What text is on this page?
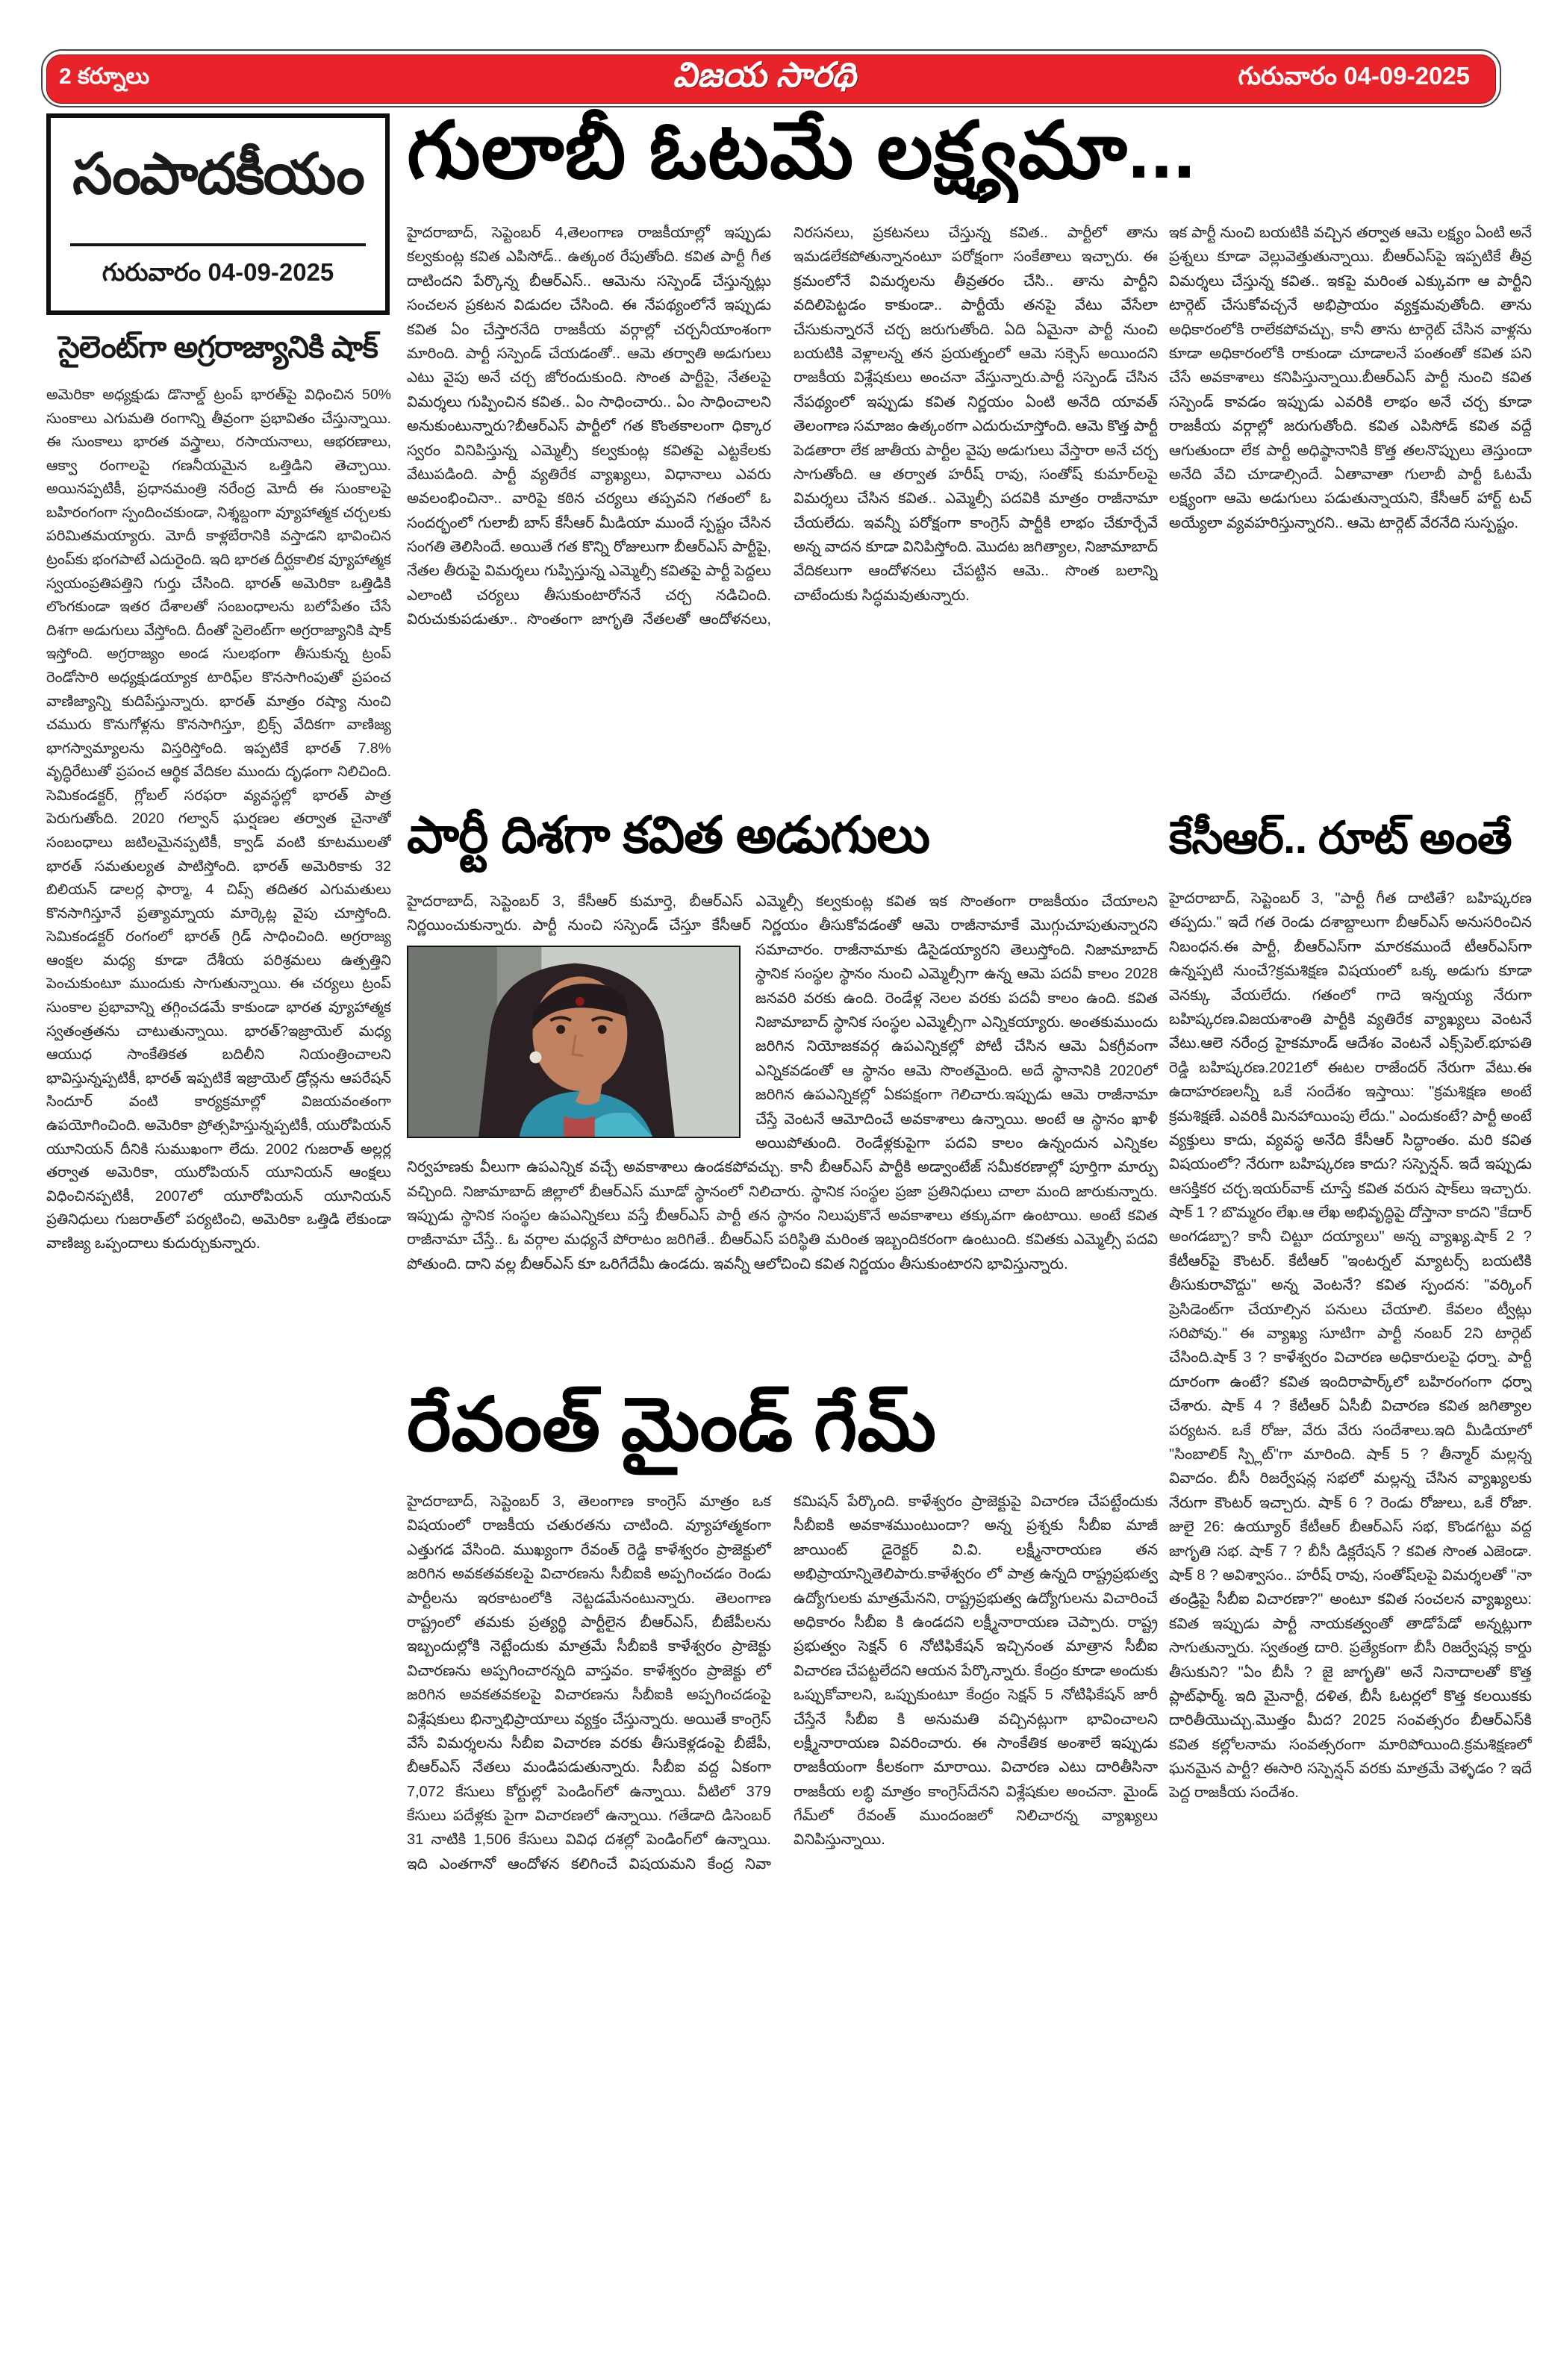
2 కర్నూలు	విజయ సారథి	గురువారం 04-09-2025
సంపాదకీయం
గురువారం 04-09-2025
సైలెంట్‌గా అగ్రరాజ్యానికి షాక్
అమెరికా అధ్యక్షుడు డొనాల్డ్ ట్రంప్ భారత్‌పై విధించిన 50% సుంకాలు ఎగుమతి రంగాన్ని తీవ్రంగా ప్రభావితం చేస్తున్నాయి. ఈ సుంకాలు భారత వస్త్రాలు, రసాయనాలు, ఆభరణాలు, ఆక్వా రంగాలపై గణనీయమైన ఒత్తిడిని తెచ్చాయి. అయినప్పటికీ, ప్రధానమంత్రి నరేంద్ర మోదీ ఈ సుంకాలపై బహిరంగంగా స్పందించకుండా, నిశ్శబ్దంగా వ్యూహాత్మక చర్చలకు పరిమితమయ్యారు. మోదీ కాళ్లబేరానికి వస్తాడని భావించిన ట్రంప్‌కు భంగపాటే ఎదురైంది. ఇది భారత దీర్ఘకాలిక వ్యూహాత్మక స్వయంప్రతిపత్తిని గుర్తు చేసింది. భారత్ అమెరికా ఒత్తిడికి లొంగకుండా ఇతర దేశాలతో సంబంధాలను బలోపేతం చేసే దిశగా అడుగులు వేస్తోంది. దీంతో సైలెంట్‌గా అగ్రరాజ్యానికి షాక్ ఇస్తోంది. అగ్రరాజ్యం అండ సులభంగా తీసుకున్న ట్రంప్ రెండోసారి అధ్యక్షుడయ్యాక టారిఫ్‌ల కొనసాగింపుతో ప్రపంచ వాణిజ్యాన్ని కుదిపేస్తున్నారు. భారత్ మాత్రం రష్యా నుంచి చమురు కొనుగోళ్లను కొనసాగిస్తూ, బ్రిక్స్ వేదికగా వాణిజ్య భాగస్వామ్యాలను విస్తరిస్తోంది. ఇప్పటికే భారత్ 7.8% వృద్ధిరేటుతో ప్రపంచ ఆర్థిక వేదికల ముందు దృఢంగా నిలిచింది. సెమికండక్టర్, గ్లోబల్ సరఫరా వ్యవస్థల్లో భారత్ పాత్ర పెరుగుతోంది. 2020 గల్వాన్ ఘర్షణల తర్వాత చైనాతో సంబంధాలు జటిలమైనప్పటికీ, క్వాడ్ వంటి కూటములతో భారత్ సమతుల్యత పాటిస్తోంది. భారత్ అమెరికాకు 32 బిలియన్ డాలర్ల ఫార్మా, 4 చిప్స్ తదితర ఎగుమతులు కొనసాగిస్తూనే ప్రత్యామ్నాయ మార్కెట్ల వైపు చూస్తోంది. సెమికండక్టర్ రంగంలో భారత్ గ్రిడ్ సాధించింది. అగ్రరాజ్య ఆంక్షల మధ్య కూడా దేశీయ పరిశ్రమలు ఉత్పత్తిని పెంచుకుంటూ ముందుకు సాగుతున్నాయి. ఈ చర్యలు ట్రంప్ సుంకాల ప్రభావాన్ని తగ్గించడమే కాకుండా భారత వ్యూహాత్మక స్వతంత్రతను చాటుతున్నాయి. భారత్?ఇజ్రాయెల్ మధ్య ఆయుధ సాంకేతికత బదిలీని నియంత్రించాలని భావిస్తున్నప్పటికీ, భారత్ ఇప్పటికే ఇజ్రాయెల్ డ్రోన్లను ఆపరేషన్ సిందూర్ వంటి కార్యక్రమాల్లో విజయవంతంగా ఉపయోగించింది. అమెరికా ప్రోత్సహిస్తున్నప్పటికీ, యురోపియన్ యూనియన్ దీనికి సుముఖంగా లేదు. 2002 గుజరాత్ అల్లర్ల తర్వాత అమెరికా, యురోపియన్ యూనియన్ ఆంక్షలు విధించినప్పటికీ, 2007లో యూరోపియన్ యూనియన్ ప్రతినిధులు గుజరాత్‌లో పర్యటించి, అమెరికా ఒత్తిడి లేకుండా వాణిజ్య ఒప్పందాలు కుదుర్చుకున్నారు.
గులాబీ ఓటమే లక్ష్యమా...
హైదరాబాద్, సెప్టెంబర్ 4,తెలంగాణ రాజకీయాల్లో ఇప్పుడు కల్వకుంట్ల కవిత ఎపిసోడ్.. ఉత్కంఠ రేపుతోంది. కవిత పార్టీ గీత దాటిందని పేర్కొన్న బీఆర్ఎస్.. ఆమెను సస్పెండ్ చేస్తున్నట్లు సంచలన ప్రకటన విడుదల చేసింది. ఈ నేపథ్యంలోనే ఇప్పుడు కవిత ఏం చేస్తారనేది రాజకీయ వర్గాల్లో చర్చనీయాంశంగా మారింది. పార్టీ సస్పెండ్ చేయడంతో.. ఆమె తర్వాతి అడుగులు ఎటు వైపు అనే చర్చ జోరందుకుంది. సొంత పార్టీపై, నేతలపై విమర్శలు గుప్పించిన కవిత.. ఏం సాధించారు.. ఏం సాధించాలని అనుకుంటున్నారు?బీఆర్ఎస్ పార్టీలో గత కొంతకాలంగా ధిక్కార స్వరం వినిపిస్తున్న ఎమ్మెల్సీ కల్వకుంట్ల కవితపై ఎట్టకేలకు వేటుపడింది. పార్టీ వ్యతిరేక వ్యాఖ్యలు, విధానాలు ఎవరు అవలంభించినా.. వారిపై కఠిన చర్యలు తప్పవని గతంలో ఓ సందర్భంలో గులాబీ బాస్ కేసీఆర్ మీడియా ముందే స్పష్టం చేసిన సంగతి తెలిసిందే. అయితే గత కొన్ని రోజులుగా బీఆర్ఎస్ పార్టీపై, నేతల తీరుపై విమర్శలు గుప్పిస్తున్న ఎమ్మెల్సీ కవితపై పార్టీ పెద్దలు ఎలాంటి చర్యలు తీసుకుంటారోననే చర్చ నడిచింది. విరుచుకుపడుతూ.. సొంతంగా జాగృతి నేతలతో ఆందోళనలు, నిరసనలు, ప్రకటనలు చేస్తున్న కవిత.. పార్టీలో తాను ఇమడలేకపోతున్నానంటూ పరోక్షంగా సంకేతాలు ఇచ్చారు. ఈ క్రమంలోనే విమర్శలను తీవ్రతరం చేసి.. తాను పార్టీని వదిలిపెట్టడం కాకుండా.. పార్టీయే తనపై వేటు వేసేలా చేసుకున్నారనే చర్చ జరుగుతోంది. ఏది ఏమైనా పార్టీ నుంచి బయటికి వెళ్లాలన్న తన ప్రయత్నంలో ఆమె సక్సెస్ అయిందని రాజకీయ విశ్లేషకులు అంచనా వేస్తున్నారు.పార్టీ సస్పెండ్ చేసిన నేపథ్యంలో ఇప్పుడు కవిత నిర్ణయం ఏంటి అనేది యావత్ తెలంగాణ సమాజం ఉత్కంఠగా ఎదురుచూస్తోంది. ఆమె కొత్త పార్టీ పెడతారా లేక జాతీయ పార్టీల వైపు అడుగులు వేస్తారా అనే చర్చ సాగుతోంది. ఆ తర్వాత హరీష్ రావు, సంతోష్ కుమార్‌లపై విమర్శలు చేసిన కవిత.. ఎమ్మెల్సీ పదవికి మాత్రం రాజీనామా చేయలేదు. ఇవన్నీ పరోక్షంగా కాంగ్రెస్ పార్టీకి లాభం చేకూర్చేవే అన్న వాదన కూడా వినిపిస్తోంది. మొదట జగిత్యాల, నిజామాబాద్ వేదికలుగా ఆందోళనలు చేపట్టిన ఆమె.. సొంత బలాన్ని చాటేందుకు సిద్ధమవుతున్నారు.
ఇక పార్టీ నుంచి బయటికి వచ్చిన తర్వాత ఆమె లక్ష్యం ఏంటి అనే ప్రశ్నలు కూడా వెల్లువెత్తుతున్నాయి. బీఆర్ఎస్‌పై ఇప్పటికే తీవ్ర విమర్శలు చేస్తున్న కవిత.. ఇకపై మరింత ఎక్కువగా ఆ పార్టీని టార్గెట్ చేసుకోవచ్చనే అభిప్రాయం వ్యక్తమవుతోంది. తాను అధికారంలోకి రాలేకపోవచ్చు, కానీ తాను టార్గెట్ చేసిన వాళ్లను కూడా అధికారంలోకి రాకుండా చూడాలనే పంతంతో కవిత పని చేసే అవకాశాలు కనిపిస్తున్నాయి.బీఆర్ఎస్ పార్టీ నుంచి కవిత సస్పెండ్ కావడం ఇప్పుడు ఎవరికి లాభం అనే చర్చ కూడా రాజకీయ వర్గాల్లో జరుగుతోంది. కవిత ఎపిసోడ్ కవిత వద్దే ఆగుతుందా లేక పార్టీ అధిష్ఠానానికి కొత్త తలనొప్పులు తెస్తుందా అనేది వేచి చూడాల్సిందే. ఏతావాతా గులాబీ పార్టీ ఓటమే లక్ష్యంగా ఆమె అడుగులు పడుతున్నాయని, కేసీఆర్ హార్ట్ టచ్ అయ్యేలా వ్యవహరిస్తున్నారని.. ఆమె టార్గెట్ వేరనేది సుస్పష్టం.
కేసీఆర్.. రూట్ అంతే
హైదరాబాద్, సెప్టెంబర్ 3, "పార్టీ గీత దాటితే? బహిష్కరణ తప్పదు." ఇదే గత రెండు దశాబ్దాలుగా బీఆర్ఎస్ అనుసరించిన నిబంధన.ఈ పార్టీ, బీఆర్ఎస్‌గా మారకముందే టీఆర్ఎస్‌గా ఉన్నప్పటి నుంచే?క్రమశిక్షణ విషయంలో ఒక్క అడుగు కూడా వెనక్కు వేయలేదు. గతంలో గాదె ఇన్నయ్య నేరుగా బహిష్కరణ.విజయశాంతి పార్టీకి వ్యతిరేక వ్యాఖ్యలు వెంటనే వేటు.ఆలె నరేంద్ర హైకమాండ్ ఆదేశం వెంటనే ఎక్స్‌పెల్.భూపతి రెడ్డి బహిష్కరణ.2021లో ఈటల రాజేందర్ నేరుగా వేటు.ఈ ఉదాహరణలన్నీ ఒకే సందేశం ఇస్తాయి: "క్రమశిక్షణ అంటే క్రమశిక్షణే. ఎవరికీ మినహాయింపు లేదు." ఎందుకంటే? పార్టీ అంటే వ్యక్తులు కాదు, వ్యవస్థ అనేది కేసీఆర్ సిద్ధాంతం. మరి కవిత విషయంలో? నేరుగా బహిష్కరణ కాదు? సస్పెన్షన్. ఇదే ఇప్పుడు ఆసక్తికర చర్చ.ఇయర్‌వాక్ చూస్తే కవిత వరుస షాక్‌లు ఇచ్చారు. షాక్ 1 ? బొమ్మరం లేఖ.ఆ లేఖ అభివృద్ధిపై దోస్తానా కాదని "కేదార్ అంగడబ్బా? కానీ చిట్టూ దయ్యాలు" అన్న వ్యాఖ్య.షాక్ 2 ? కేటీఆర్‌పై కౌంటర్. కేటీఆర్ "ఇంటర్నల్ మ్యాటర్స్ బయటికి తీసుకురావొద్దు" అన్న వెంటనే? కవిత స్పందన: "వర్కింగ్ ప్రెసిడెంట్‌గా చేయాల్సిన పనులు చేయాలి. కేవలం ట్వీట్లు సరిపోవు." ఈ వ్యాఖ్య సూటిగా పార్టీ నంబర్ 2ని టార్గెట్ చేసింది.షాక్ 3 ? కాళేశ్వరం విచారణ అధికారులపై ధర్నా. పార్టీ దూరంగా ఉంటే? కవిత ఇందిరాపార్క్‌లో బహిరంగంగా ధర్నా చేశారు. షాక్ 4 ? కేటీఆర్ ఏసీబీ విచారణ కవిత జగిత్యాల పర్యటన. ఒకే రోజు, వేరు వేరు సందేశాలు.ఇది మీడియాలో "సింబాలిక్ స్ప్లిట్"గా మారింది. షాక్ 5 ? తీన్మార్ మల్లన్న వివాదం. బీసీ రిజర్వేషన్ల సభలో మల్లన్న చేసిన వ్యాఖ్యలకు నేరుగా కౌంటర్ ఇచ్చారు. షాక్ 6 ? రెండు రోజులు, ఒకే రోజా. జులై 26: ఉయ్యూర్ కేటీఆర్ బీఆర్ఎస్ సభ, కొండగట్టు వద్ద జాగృతి సభ. షాక్ 7 ? బీసీ డిక్లరేషన్ ? కవిత సొంత ఎజెండా. షాక్ 8 ? అవిశ్వాసం.. హరీష్ రావు, సంతోష్‌లపై విమర్శలతో "నా తండ్రిపై సీబీఐ విచారణా?" అంటూ కవిత సంచలన వ్యాఖ్యలు: కవిత ఇప్పుడు పార్టీ నాయకత్వంతో తాడోపేడో అన్నట్లుగా సాగుతున్నారు. స్వతంత్ర దారి. ప్రత్యేకంగా బీసీ రిజర్వేషన్ల కార్డు తీసుకుని? "ఏం బీసీ ? జై జాగృతి" అనే నినాదాలతో కొత్త ప్లాట్‌ఫార్మ్. ఇది మైనార్టీ, దళిత, బీసీ ఓటర్లలో కొత్త కలయికకు దారితీయొచ్చు.మొత్తం మీద? 2025 సంవత్సరం బీఆర్ఎస్‌కి కవిత కల్లోలనామ సంవత్సరంగా మారిపోయింది.క్రమశిక్షణలో ఘనమైన పార్టీ? ఈసారి సస్పెన్షన్ వరకు మాత్రమే వెళ్ళడం ? ఇదే పెద్ద రాజకీయ సందేశం.
పార్టీ దిశగా కవిత అడుగులు
హైదరాబాద్, సెప్టెంబర్ 3, కేసీఆర్ కుమార్తె, బీఆర్ఎస్ ఎమ్మెల్సీ కల్వకుంట్ల కవిత ఇక సొంతంగా రాజకీయం చేయాలని నిర్ణయించుకున్నారు. పార్టీ నుంచి సస్పెండ్ చేస్తూ కేసీఆర్ నిర్ణయం తీసుకోవడంతో ఆమె రాజీనామాకే మొగ్గుచూపుతున్నారని సమాచారం. రాజీనామాకు డిసైడయ్యారని తెలుస్తోంది. నిజామాబాద్ స్థానిక సంస్థల స్థానం నుంచి ఎమ్మెల్సీగా ఉన్న ఆమె పదవీ కాలం 2028 జనవరి వరకు ఉంది. రెండేళ్ల నెలల వరకు పదవీ కాలం ఉంది. కవిత నిజామాబాద్ స్థానిక సంస్థల ఎమ్మెల్సీగా ఎన్నికయ్యారు. అంతకుముందు జరిగిన నియోజకవర్గ ఉపఎన్నికల్లో పోటీ చేసిన ఆమె ఏకగ్రీవంగా ఎన్నికవడంతో ఆ స్థానం ఆమె సొంతమైంది. అదే స్థానానికి 2020లో జరిగిన ఉపఎన్నికల్లో ఏకపక్షంగా గెలిచారు.ఇప్పుడు ఆమె రాజీనామా చేస్తే వెంటనే ఆమోదించే అవకాశాలు ఉన్నాయి. అంటే ఆ స్థానం ఖాళీ అయిపోతుంది. రెండేళ్లకుపైగా పదవి కాలం ఉన్నందున ఎన్నికల నిర్వహణకు వీలుగా ఉపఎన్నిక వచ్చే అవకాశాలు ఉండకపోవచ్చు. కానీ బీఆర్ఎస్ పార్టీకి అడ్వాంటేజ్ సమీకరణాల్లో పూర్తిగా మార్పు వచ్చింది. నిజామాబాద్ జిల్లాలో బీఆర్ఎస్ మూడో స్థానంలో నిలిచారు. స్థానిక సంస్థల ప్రజా ప్రతినిధులు చాలా మంది జారుకున్నారు. ఇప్పుడు స్థానిక సంస్థల ఉపఎన్నికలు వస్తే బీఆర్ఎస్ పార్టీ తన స్థానం నిలుపుకొనే అవకాశాలు తక్కువగా ఉంటాయి. అంటే కవిత రాజీనామా చేస్తే.. ఓ వర్గాల మధ్యనే పోరాటం జరిగితే.. బీఆర్ఎస్ పరిస్థితి మరింత ఇబ్బందికరంగా ఉంటుంది. కవితకు ఎమ్మెల్సీ పదవి పోతుంది. దాని వల్ల బీఆర్ఎస్ కూ ఒరిగేదేమీ ఉండదు. ఇవన్నీ ఆలోచించి కవిత నిర్ణయం తీసుకుంటారని భావిస్తున్నారు.
రేవంత్ మైండ్ గేమ్
హైదరాబాద్, సెప్టెంబర్ 3, తెలంగాణ కాంగ్రెస్ మాత్రం ఒక విషయంలో రాజకీయ చతురతను చాటింది. వ్యూహాత్మకంగా ఎత్తుగడ వేసింది. ముఖ్యంగా రేవంత్ రెడ్డి కాళేశ్వరం ప్రాజెక్టులో జరిగిన అవకతవకలపై విచారణను సీబీఐకి అప్పగించడం రెండు పార్టీలను ఇరకాటంలోకి నెట్టడమేనంటున్నారు. తెలంగాణ రాష్ట్రంలో తమకు ప్రత్యర్థి పార్టీలైన బీఆర్ఎస్, బీజేపీలను ఇబ్బందుల్లోకి నెట్టేందుకు మాత్రమే సీబీఐకి కాళేశ్వరం ప్రాజెక్టు విచారణను అప్పగించారన్నది వాస్తవం. కాళేశ్వరం ప్రాజెక్టు లో జరిగిన అవకతవకలపై విచారణను సీబీఐకి అప్పగించడంపై విశ్లేషకులు భిన్నాభిప్రాయాలు వ్యక్తం చేస్తున్నారు. అయితే కాంగ్రెస్ వేసే విమర్శలను సీబీఐ విచారణ వరకు తీసుకెళ్లడంపై బీజేపీ, బీఆర్ఎస్ నేతలు మండిపడుతున్నారు. సీబీఐ వద్ద ఏకంగా 7,072 కేసులు కోర్టుల్లో పెండింగ్‌లో ఉన్నాయి. వీటిలో 379 కేసులు పదేళ్లకు పైగా విచారణలో ఉన్నాయి. గతేడాది డిసెంబర్ 31 నాటికి 1,506 కేసులు వివిధ దశల్లో పెండింగ్‌లో ఉన్నాయి. ఇది ఎంతగానో ఆందోళన కలిగించే విషయమని కేంద్ర నివా కమిషన్ పేర్కొంది. కాళేశ్వరం ప్రాజెక్టుపై విచారణ చేపట్టేందుకు సీబీఐకి అవకాశముంటుందా? అన్న ప్రశ్నకు సీబీఐ మాజీ జాయింట్ డైరెక్టర్ వి.వి. లక్ష్మీనారాయణ తన అభిప్రాయాన్నితెలిపారు.కాళేశ్వరం లో పాత్ర ఉన్నది రాష్ట్రప్రభుత్వ ఉద్యోగులకు మాత్రమేనని, రాష్ట్రప్రభుత్వ ఉద్యోగులను విచారించే అధికారం సీబీఐ కి ఉండదని లక్ష్మీనారాయణ చెప్పారు. రాష్ట్ర ప్రభుత్వం సెక్షన్ 6 నోటిఫికేషన్ ఇచ్చినంత మాత్రాన సీబీఐ విచారణ చేపట్టలేదని ఆయన పేర్కొన్నారు. కేంద్రం కూడా అందుకు ఒప్పుకోవాలని, ఒప్పుకుంటూ కేంద్రం సెక్షన్ 5 నోటిఫికేషన్ జారీ చేస్తేనే సీబీఐ కి అనుమతి వచ్చినట్లుగా భావించాలని లక్ష్మీనారాయణ వివరించారు. ఈ సాంకేతిక అంశాలే ఇప్పుడు రాజకీయంగా కీలకంగా మారాయి. విచారణ ఎటు దారితీసినా రాజకీయ లబ్ధి మాత్రం కాంగ్రెస్‌దేనని విశ్లేషకుల అంచనా. మైండ్ గేమ్‌లో రేవంత్ ముందంజలో నిలిచారన్న వ్యాఖ్యలు వినిపిస్తున్నాయి.
